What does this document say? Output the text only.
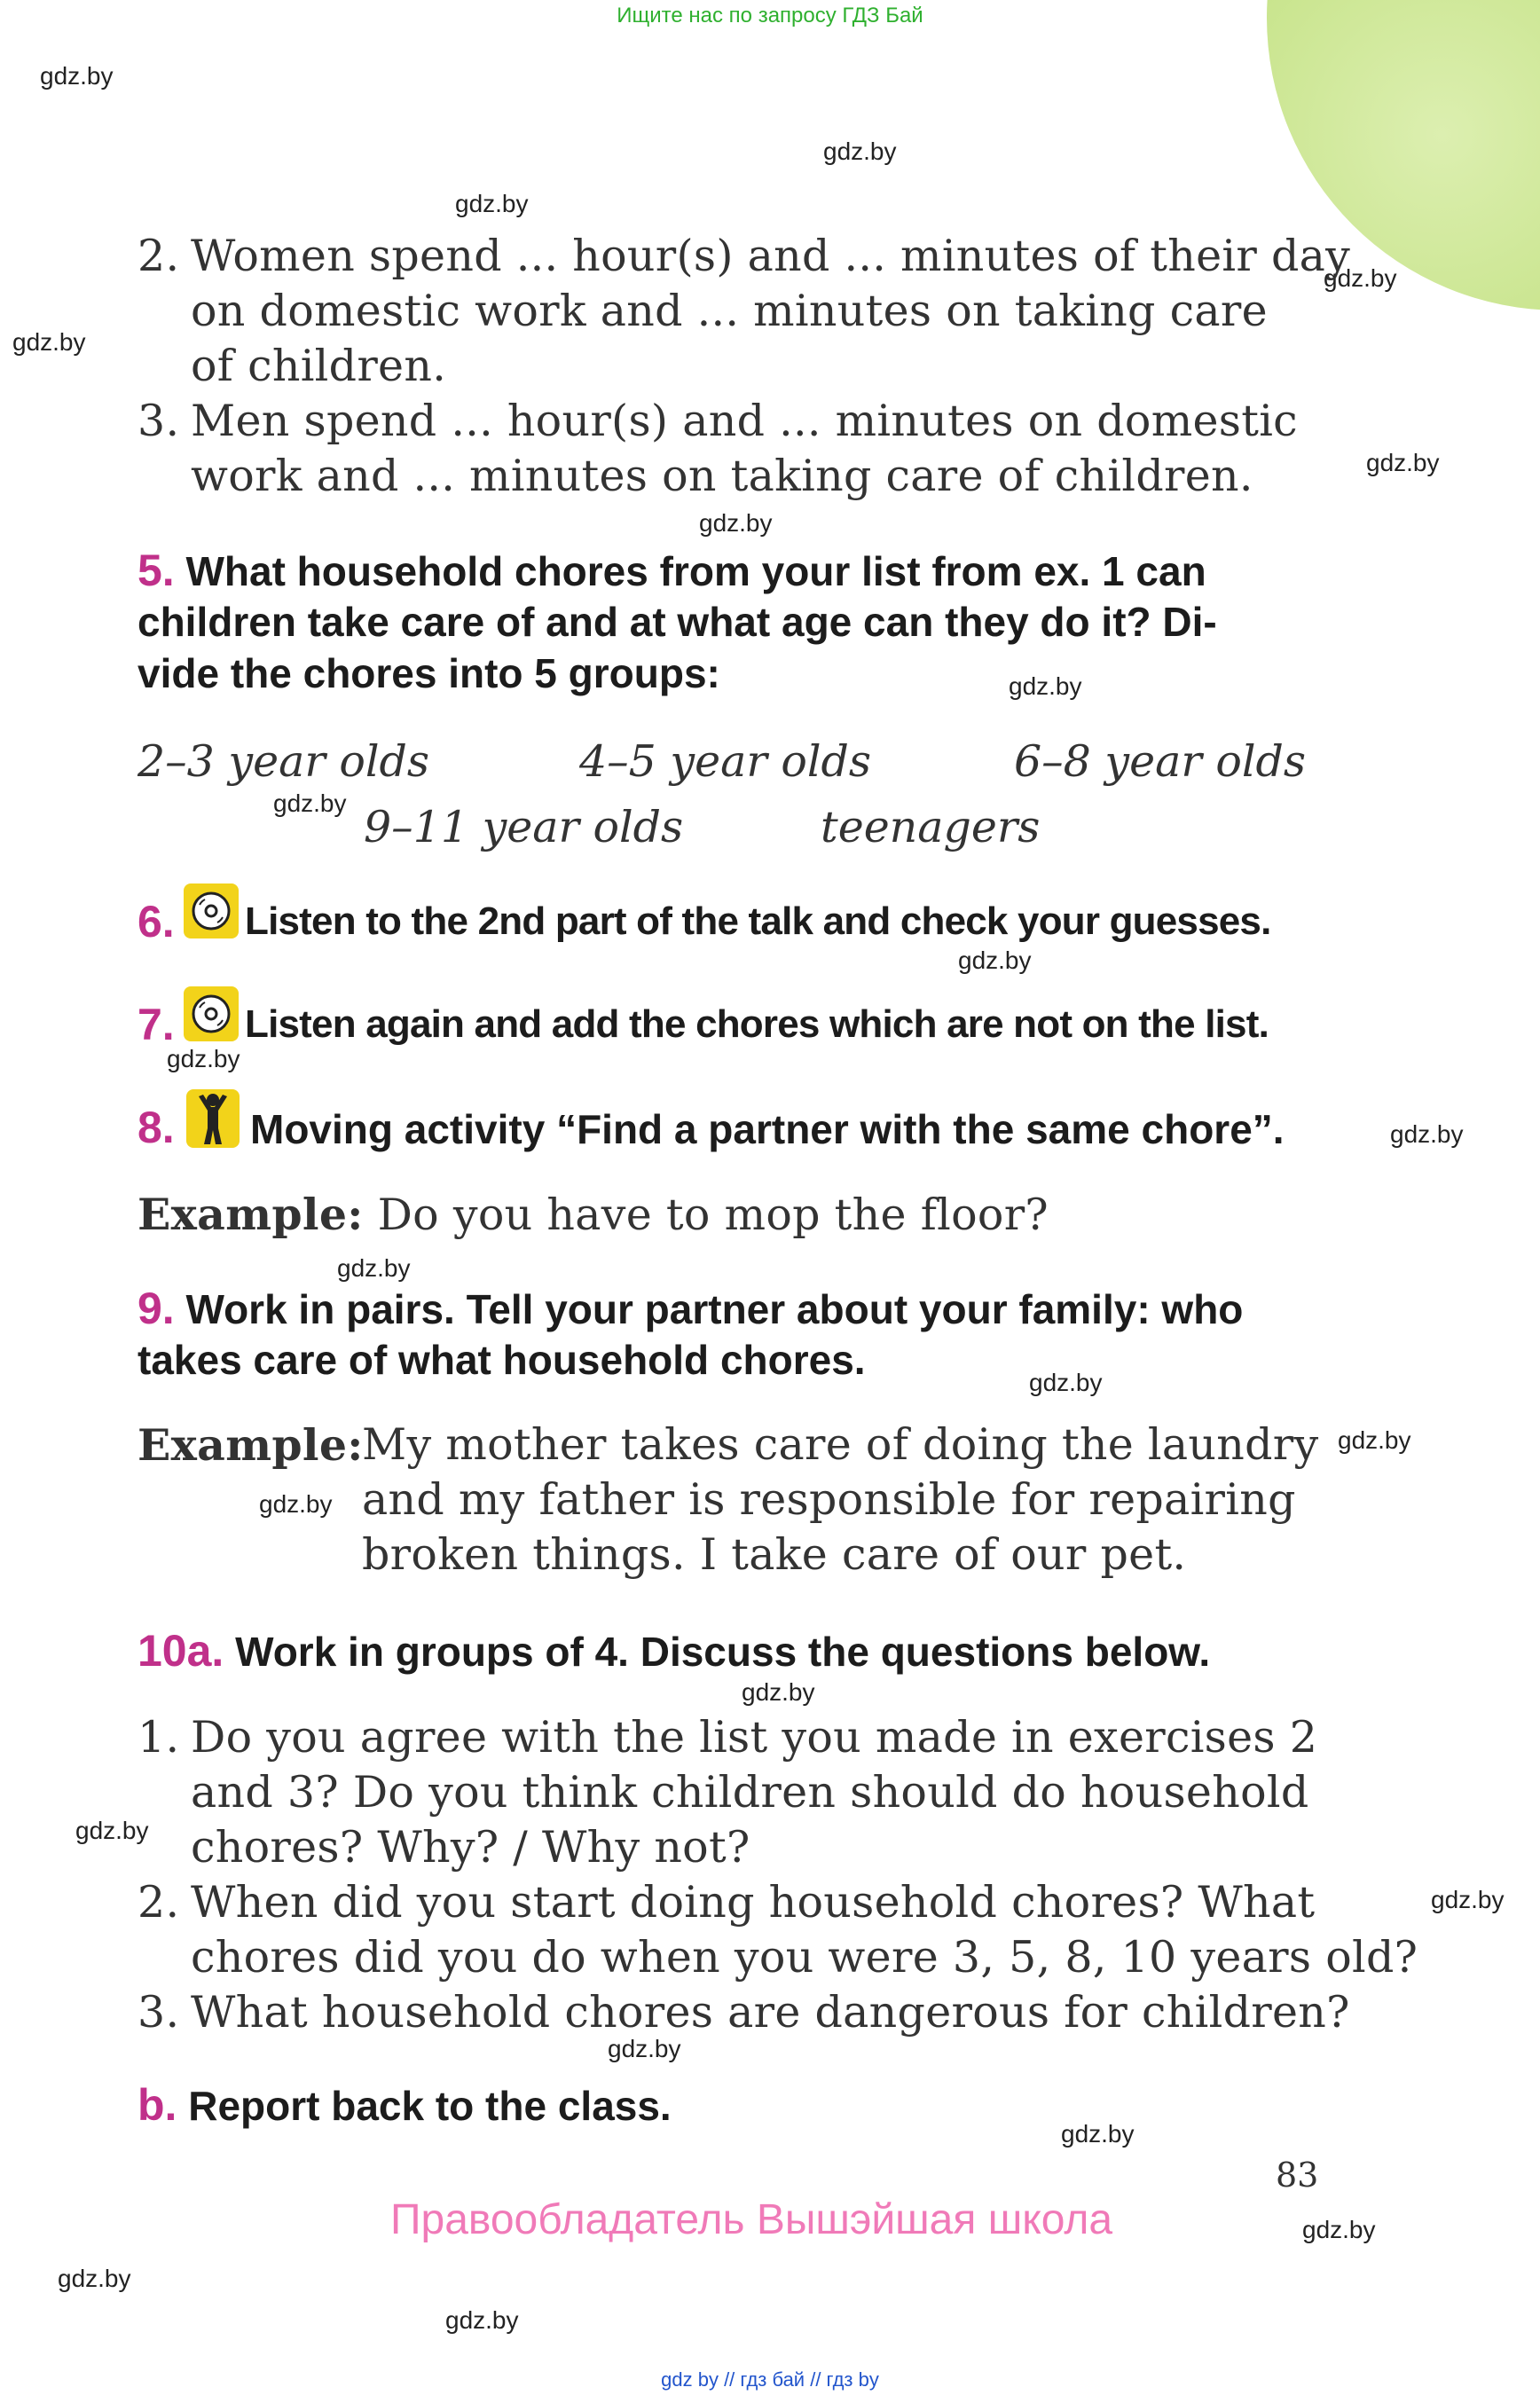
Ищите нас по запросу ГДЗ Бай
gdz.by
gdz.by
gdz.by
gdz.by
gdz.by
gdz.by
gdz.by
gdz.by
gdz.by
gdz.by
gdz.by
gdz.by
gdz.by
gdz.by
gdz.by
gdz.by
gdz.by
gdz.by
gdz.by
gdz.by
gdz.by
gdz.by
gdz.by
gdz.by
2. Women spend ... hour(s) and ... minutes of their day
on domestic work and ... minutes on taking care
of children.
3. Men spend ... hour(s) and ... minutes on domestic
work and ... minutes on taking care of children.
5. What household chores from your list from ex. 1 can
children take care of and at what age can they do it? Di-
vide the chores into 5 groups:
2–3 year olds	4–5 year olds	6–8 year olds
9–11 year olds	teenagers
6. Listen to the 2nd part of the talk and check your guesses.
7. Listen again and add the chores which are not on the list.
8. Moving activity “Find a partner with the same chore”.
Example: Do you have to mop the floor?
9. Work in pairs. Tell your partner about your family: who
takes care of what household chores.
Example:
My mother takes care of doing the laundry
and my father is responsible for repairing
broken things. I take care of our pet.
10a. Work in groups of 4. Discuss the questions below.
1. Do you agree with the list you made in exercises 2
and 3? Do you think children should do household
chores? Why? / Why not?
2. When did you start doing household chores? What
chores did you do when you were 3, 5, 8, 10 years old?
3. What household chores are dangerous for children?
b. Report back to the class.
83
Правообладатель Вышэйшая школа
gdz by // гдз бай // гдз by
